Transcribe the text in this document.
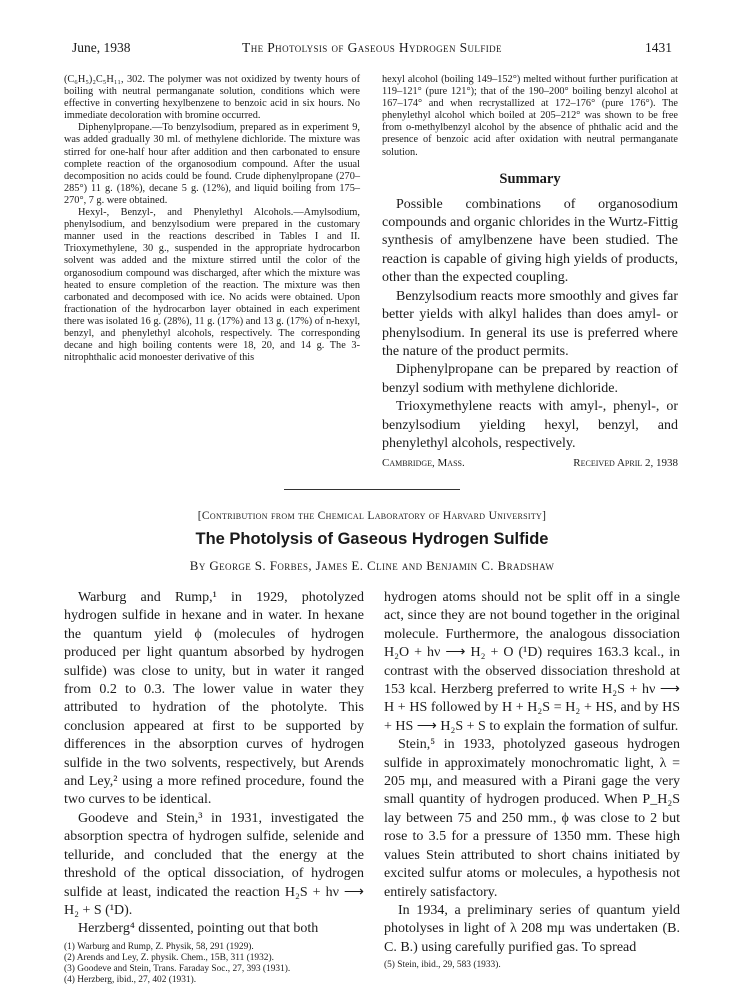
June, 1938	The Photolysis of Gaseous Hydrogen Sulfide	1431

(C₆H₅)₂C₅H₁₁, 302. The polymer was not oxidized by twenty hours of boiling with neutral permanganate solution, conditions which were effective in converting hexylbenzene to benzoic acid in six hours. No immediate decoloration with bromine occurred.

Diphenylpropane.—To benzylsodium, prepared as in experiment 9, was added gradually 30 ml. of methylene dichloride. The mixture was stirred for one-half hour after addition and then carbonated to ensure complete reaction of the organosodium compound. After the usual decomposition no acids could be found. Crude diphenylpropane (270–285°) 11 g. (18%), decane 5 g. (12%), and liquid boiling from 175–270°, 7 g. were obtained.

Hexyl-, Benzyl-, and Phenylethyl Alcohols.—Amylsodium, phenylsodium, and benzylsodium were prepared in the customary manner used in the reactions described in Tables I and II. Trioxymethylene, 30 g., suspended in the appropriate hydrocarbon solvent was added and the mixture stirred until the color of the organosodium compound was discharged, after which the mixture was heated to ensure completion of the reaction. The mixture was then carbonated and decomposed with ice. No acids were obtained. Upon fractionation of the hydrocarbon layer obtained in each experiment there was isolated 16 g. (28%), 11 g. (17%) and 13 g. (17%) of n-hexyl, benzyl, and phenylethyl alcohols, respectively. The corresponding decane and high boiling contents were 18, 20, and 14 g. The 3-nitrophthalic acid monoester derivative of this

hexyl alcohol (boiling 149–152°) melted without further purification at 119–121° (pure 121°); that of the 190–200° boiling benzyl alcohol at 167–174° and when recrystallized at 172–176° (pure 176°). The phenylethyl alcohol which boiled at 205–212° was shown to be free from o-methylbenzyl alcohol by the absence of phthalic acid and the presence of benzoic acid after oxidation with neutral permanganate solution.

Summary

Possible combinations of organosodium compounds and organic chlorides in the Wurtz-Fittig synthesis of amylbenzene have been studied. The reaction is capable of giving high yields of products, other than the expected coupling.

Benzylsodium reacts more smoothly and gives far better yields with alkyl halides than does amyl- or phenylsodium. In general its use is preferred where the nature of the product permits.

Diphenylpropane can be prepared by reaction of benzyl sodium with methylene dichloride.

Trioxymethylene reacts with amyl-, phenyl-, or benzylsodium yielding hexyl, benzyl, and phenylethyl alcohols, respectively.

Cambridge, Mass.	Received April 2, 1938
[Contribution from the Chemical Laboratory of Harvard University]
The Photolysis of Gaseous Hydrogen Sulfide
By George S. Forbes, James E. Cline and Benjamin C. Bradshaw

Warburg and Rump,¹ in 1929, photolyzed hydrogen sulfide in hexane and in water. In hexane the quantum yield ϕ (molecules of hydrogen produced per light quantum absorbed by hydrogen sulfide) was close to unity, but in water it ranged from 0.2 to 0.3. The lower value in water they attributed to hydration of the photolyte. This conclusion appeared at first to be supported by differences in the absorption curves of hydrogen sulfide in the two solvents, respectively, but Arends and Ley,² using a more refined procedure, found the two curves to be identical.

Goodeve and Stein,³ in 1931, investigated the absorption spectra of hydrogen sulfide, selenide and telluride, and concluded that the energy at the threshold of the optical dissociation, of hydrogen sulfide at least, indicated the reaction H₂S + hν ⟶ H₂ + S (¹D).

Herzberg⁴ dissented, pointing out that both

(1) Warburg and Rump, Z. Physik, 58, 291 (1929).

(2) Arends and Ley, Z. physik. Chem., 15B, 311 (1932).

(3) Goodeve and Stein, Trans. Faraday Soc., 27, 393 (1931).

(4) Herzberg, ibid., 27, 402 (1931).

hydrogen atoms should not be split off in a single act, since they are not bound together in the original molecule. Furthermore, the analogous dissociation H₂O + hν ⟶ H₂ + O (¹D) requires 163.3 kcal., in contrast with the observed dissociation threshold at 153 kcal. Herzberg preferred to write H₂S + hν ⟶ H + HS followed by H + H₂S = H₂ + HS, and by HS + HS ⟶ H₂S + S to explain the formation of sulfur.

Stein,⁵ in 1933, photolyzed gaseous hydrogen sulfide in approximately monochromatic light, λ = 205 mμ, and measured with a Pirani gage the very small quantity of hydrogen produced. When P_H₂S lay between 75 and 250 mm., ϕ was close to 2 but rose to 3.5 for a pressure of 1350 mm. These high values Stein attributed to short chains initiated by excited sulfur atoms or molecules, a hypothesis not entirely satisfactory.

In 1934, a preliminary series of quantum yield photolyses in light of λ 208 mμ was undertaken (B. C. B.) using carefully purified gas. To spread

(5) Stein, ibid., 29, 583 (1933).
